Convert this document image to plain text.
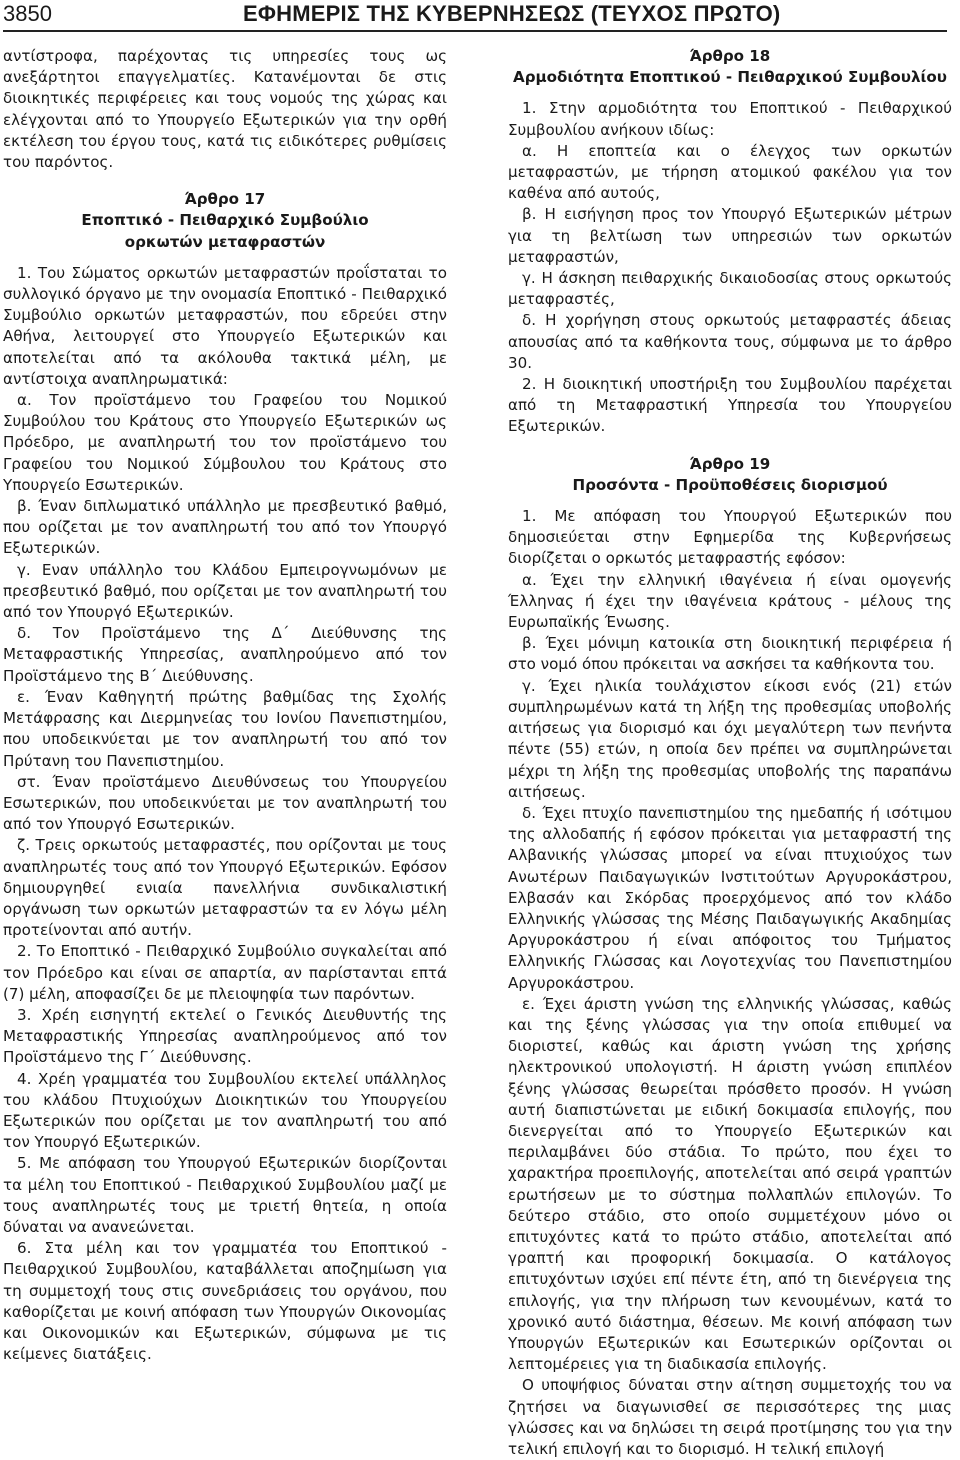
3850	ΕΦΗΜΕΡΙΣ ΤΗΣ ΚΥΒΕΡΝΗΣΕΩΣ (ΤΕΥΧΟΣ ΠΡΩΤΟ)

αντίστροφα, παρέχοντας τις υπηρεσίες τους ως ανεξάρτητοι επαγγελματίες. Κατανέμονται δε στις διοικητικές περιφέρειες και τους νομούς της χώρας και ελέγχονται από το Υπουργείο Εξωτερικών για την ορθή εκτέλεση του έργου τους, κατά τις ειδικότερες ρυθμίσεις του παρόντος.

Άρθρο 17

Εποπτικό - Πειθαρχικό Συμβούλιο

ορκωτών μεταφραστών

1. Του Σώματος ορκωτών μεταφραστών προΐσταται το συλλογικό όργανο με την ονομασία Εποπτικό - Πειθαρχικό Συμβούλιο ορκωτών μεταφραστών, που εδρεύει στην Αθήνα, λειτουργεί στο Υπουργείο Εξωτερικών και αποτελείται από τα ακόλουθα τακτικά μέλη, με αντίστοιχα αναπληρωματικά:

α. Τον προϊστάμενο του Γραφείου του Νομικού Συμβούλου του Κράτους στο Υπουργείο Εξωτερικών ως Πρόεδρο, με αναπληρωτή του τον προϊστάμενο του Γραφείου του Νομικού Σύμβουλου του Κράτους στο Υπουργείο Εσωτερικών.

β. Έναν διπλωματικό υπάλληλο με πρεσβευτικό βαθμό, που ορίζεται με τον αναπληρωτή του από τον Υπουργό Εξωτερικών.

γ. Εναν υπάλληλο του Κλάδου Εμπειρογνωμόνων με πρεσβευτικό βαθμό, που ορίζεται με τον αναπληρωτή του από τον Υπουργό Εξωτερικών.

δ. Τον Προϊστάμενο της Δ΄ Διεύθυνσης της Μεταφραστικής Υπηρεσίας, αναπληρούμενο από τον Προϊστάμενο της Β΄ Διεύθυνσης.

ε. Έναν Καθηγητή πρώτης βαθμίδας της Σχολής Μετάφρασης και Διερμηνείας του Ιονίου Πανεπιστημίου, που υποδεικνύεται με τον αναπληρωτή του από τον Πρύτανη του Πανεπιστημίου.

στ. Έναν προϊστάμενο Διευθύνσεως του Υπουργείου Εσωτερικών, που υποδεικνύεται με τον αναπληρωτή του από τον Υπουργό Εσωτερικών.

ζ. Τρεις ορκωτούς μεταφραστές, που ορίζονται με τους αναπληρωτές τους από τον Υπουργό Εξωτερικών. Εφόσον δημιουργηθεί ενιαία πανελλήνια συνδικαλιστική οργάνωση των ορκωτών μεταφραστών τα εν λόγω μέλη προτείνονται από αυτήν.

2. Το Εποπτικό - Πειθαρχικό Συμβούλιο συγκαλείται από τον Πρόεδρο και είναι σε απαρτία, αν παρίστανται επτά (7) μέλη, αποφασίζει δε με πλειοψηφία των παρόντων.

3. Χρέη εισηγητή εκτελεί ο Γενικός Διευθυντής της Μεταφραστικής Υπηρεσίας αναπληρούμενος από τον Προϊστάμενο της Γ΄ Διεύθυνσης.

4. Χρέη γραμματέα του Συμβουλίου εκτελεί υπάλληλος του κλάδου Πτυχιούχων Διοικητικών του Υπουργείου Εξωτερικών που ορίζεται με τον αναπληρωτή του από τον Υπουργό Εξωτερικών.

5. Με απόφαση του Υπουργού Εξωτερικών διορίζονται τα μέλη του Εποπτικού - Πειθαρχικού Συμβουλίου μαζί με τους αναπληρωτές τους με τριετή θητεία, η οποία δύναται να ανανεώνεται.

6. Στα μέλη και τον γραμματέα του Εποπτικού - Πειθαρχικού Συμβουλίου, καταβάλλεται αποζημίωση για τη συμμετοχή τους στις συνεδριάσεις του οργάνου, που καθορίζεται με κοινή απόφαση των Υπουργών Οικονομίας και Οικονομικών και Εξωτερικών, σύμφωνα με τις κείμενες διατάξεις.

Άρθρο 18

Αρμοδιότητα Εποπτικού - Πειθαρχικού Συμβουλίου

1. Στην αρμοδιότητα του Εποπτικού - Πειθαρχικού Συμβουλίου ανήκουν ιδίως:

α. Η εποπτεία και ο έλεγχος των ορκωτών μεταφραστών, με τήρηση ατομικού φακέλου για τον καθένα από αυτούς,

β. Η εισήγηση προς τον Υπουργό Εξωτερικών μέτρων για τη βελτίωση των υπηρεσιών των ορκωτών μεταφραστών,

γ. Η άσκηση πειθαρχικής δικαιοδοσίας στους ορκωτούς μεταφραστές,

δ. Η χορήγηση στους ορκωτούς μεταφραστές άδειας απουσίας από τα καθήκοντα τους, σύμφωνα με το άρθρο 30.

2. Η διοικητική υποστήριξη του Συμβουλίου παρέχεται από τη Μεταφραστική Υπηρεσία του Υπουργείου Εξωτερικών.

Άρθρο 19

Προσόντα - Προϋποθέσεις διορισμού

1. Με απόφαση του Υπουργού Εξωτερικών που δημοσιεύεται στην Εφημερίδα της Κυβερνήσεως διορίζεται ο ορκωτός μεταφραστής εφόσον:

α. Έχει την ελληνική ιθαγένεια ή είναι ομογενής Έλληνας ή έχει την ιθαγένεια κράτους - μέλους της Ευρωπαϊκής Ένωσης.

β. Έχει μόνιμη κατοικία στη διοικητική περιφέρεια ή στο νομό όπου πρόκειται να ασκήσει τα καθήκοντα του.

γ. Έχει ηλικία τουλάχιστον είκοσι ενός (21) ετών συμπληρωμένων κατά τη λήξη της προθεσμίας υποβολής αιτήσεως για διορισμό και όχι μεγαλύτερη των πενήντα πέντε (55) ετών, η οποία δεν πρέπει να συμπληρώνεται μέχρι τη λήξη της προθεσμίας υποβολής της παραπάνω αιτήσεως.

δ. Έχει πτυχίο πανεπιστημίου της ημεδαπής ή ισότιμου της αλλοδαπής ή εφόσον πρόκειται για μεταφραστή της Αλβανικής γλώσσας μπορεί να είναι πτυχιούχος των Ανωτέρων Παιδαγωγικών Ινστιτούτων Αργυροκάστρου, Ελβασάν και Σκόρδας προερχόμενος από τον κλάδο Ελληνικής γλώσσας της Μέσης Παιδαγωγικής Ακαδημίας Αργυροκάστρου ή είναι απόφοιτος του Τμήματος Ελληνικής Γλώσσας και Λογοτεχνίας του Πανεπιστημίου Αργυροκάστρου.

ε. Έχει άριστη γνώση της ελληνικής γλώσσας, καθώς και της ξένης γλώσσας για την οποία επιθυμεί να διοριστεί, καθώς και άριστη γνώση της χρήσης ηλεκτρονικού υπολογιστή. Η άριστη γνώση επιπλέον ξένης γλώσσας θεωρείται πρόσθετο προσόν. Η γνώση αυτή διαπιστώνεται με ειδική δοκιμασία επιλογής, που διενεργείται από το Υπουργείο Εξωτερικών και περιλαμβάνει δύο στάδια. Το πρώτο, που έχει το χαρακτήρα προεπιλογής, αποτελείται από σειρά γραπτών ερωτήσεων με το σύστημα πολλαπλών επιλογών. Το δεύτερο στάδιο, στο οποίο συμμετέχουν μόνο οι επιτυχόντες κατά το πρώτο στάδιο, αποτελείται από γραπτή και προφορική δοκιμασία. Ο κατάλογος επιτυχόντων ισχύει επί πέντε έτη, από τη διενέργεια της επιλογής, για την πλήρωση των κενουμένων, κατά το χρονικό αυτό διάστημα, θέσεων. Με κοινή απόφαση των Υπουργών Εξωτερικών και Εσωτερικών ορίζονται οι λεπτομέρειες για τη διαδικασία επιλογής.

Ο υποψήφιος δύναται στην αίτηση συμμετοχής του να ζητήσει να διαγωνισθεί σε περισσότερες της μιας γλώσσες και να δηλώσει τη σειρά προτίμησης του για την τελική επιλογή και το διορισμό. Η τελική επιλογή
